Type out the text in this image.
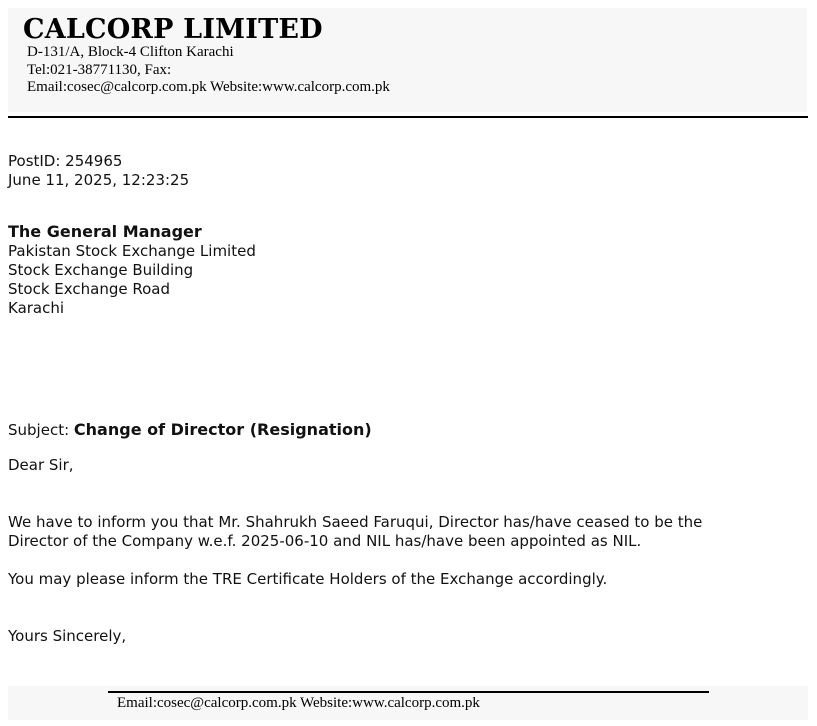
CALCORP LIMITED
D-131/A, Block-4 Clifton Karachi
Tel:021-38771130, Fax:
Email:cosec@calcorp.com.pk Website:www.calcorp.com.pk
PostID: 254965
June 11, 2025, 12:23:25
The General Manager
Pakistan Stock Exchange Limited
Stock Exchange Building
Stock Exchange Road
Karachi
Subject: Change of Director (Resignation)
Dear Sir,
We have to inform you that Mr. Shahrukh Saeed Faruqui, Director has/have ceased to be the
Director of the Company w.e.f. 2025-06-10 and NIL has/have been appointed as NIL.
You may please inform the TRE Certificate Holders of the Exchange accordingly.
Yours Sincerely,
Email:cosec@calcorp.com.pk Website:www.calcorp.com.pk
